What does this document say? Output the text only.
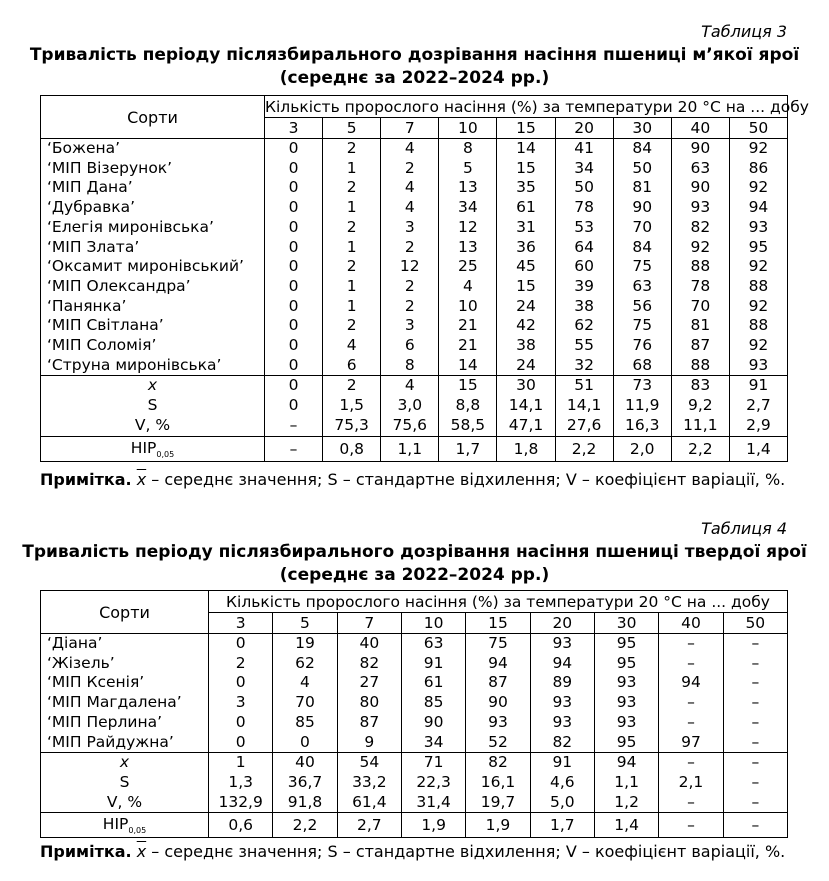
Таблиця 3
Тривалість періоду післязбирального дозрівання насіння пшениці м’якої ярої
(середнє за 2022–2024 рр.)
Сорти	Кількість пророслого насіння (%) за температури 20 °С на ... добу								
	3	5	7	10	15	20	30	40	50
‘Божена’	0	2	4	8	14	41	84	90	92
‘МІП Візерунок’	0	1	2	5	15	34	50	63	86
‘МІП Дана’	0	2	4	13	35	50	81	90	92
‘Дубравка’	0	1	4	34	61	78	90	93	94
‘Елегія миронівська’	0	2	3	12	31	53	70	82	93
‘МІП Злата’	0	1	2	13	36	64	84	92	95
‘Оксамит миронівський’	0	2	12	25	45	60	75	88	92
‘МІП Олександра’	0	1	2	4	15	39	63	78	88
‘Панянка’	0	1	2	10	24	38	56	70	92
‘МІП Світлана’	0	2	3	21	42	62	75	81	88
‘МІП Соломія’	0	4	6	21	38	55	76	87	92
‘Струна миронівська’	0	6	8	14	24	32	68	88	93
$\overline{x}$	0	2	4	15	30	51	73	83	91
S	0	1,5	3,0	8,8	14,1	14,1	11,9	9,2	2,7
V, %	–	75,3	75,6	58,5	47,1	27,6	16,3	11,1	2,9
$НІР_{0,05}$	–	0,8	1,1	1,7	1,8	2,2	2,0	2,2	1,4
Примітка. $\overline{x}$ – середнє значення; S – стандартне відхилення; V – коефіцієнт варіації, %.
Таблиця 4
Тривалість періоду післязбирального дозрівання насіння пшениці твердої ярої
(середнє за 2022–2024 рр.)
Сорти	Кількість пророслого насіння (%) за температури 20 °С на ... добу								
	3	5	7	10	15	20	30	40	50
‘Діана’	0	19	40	63	75	93	95	–	–
‘Жізель’	2	62	82	91	94	94	95	–	–
‘МІП Ксенія’	0	4	27	61	87	89	93	94	–
‘МІП Магдалена’	3	70	80	85	90	93	93	–	–
‘МІП Перлина’	0	85	87	90	93	93	93	–	–
‘МІП Райдужна’	0	0	9	34	52	82	95	97	–
$\overline{x}$	1	40	54	71	82	91	94	–	–
S	1,3	36,7	33,2	22,3	16,1	4,6	1,1	2,1	–
V, %	132,9	91,8	61,4	31,4	19,7	5,0	1,2	–	–
$НІР_{0,05}$	0,6	2,2	2,7	1,9	1,9	1,7	1,4	–	–
Примітка. $\overline{x}$ – середнє значення; S – стандартне відхилення; V – коефіцієнт варіації, %.
